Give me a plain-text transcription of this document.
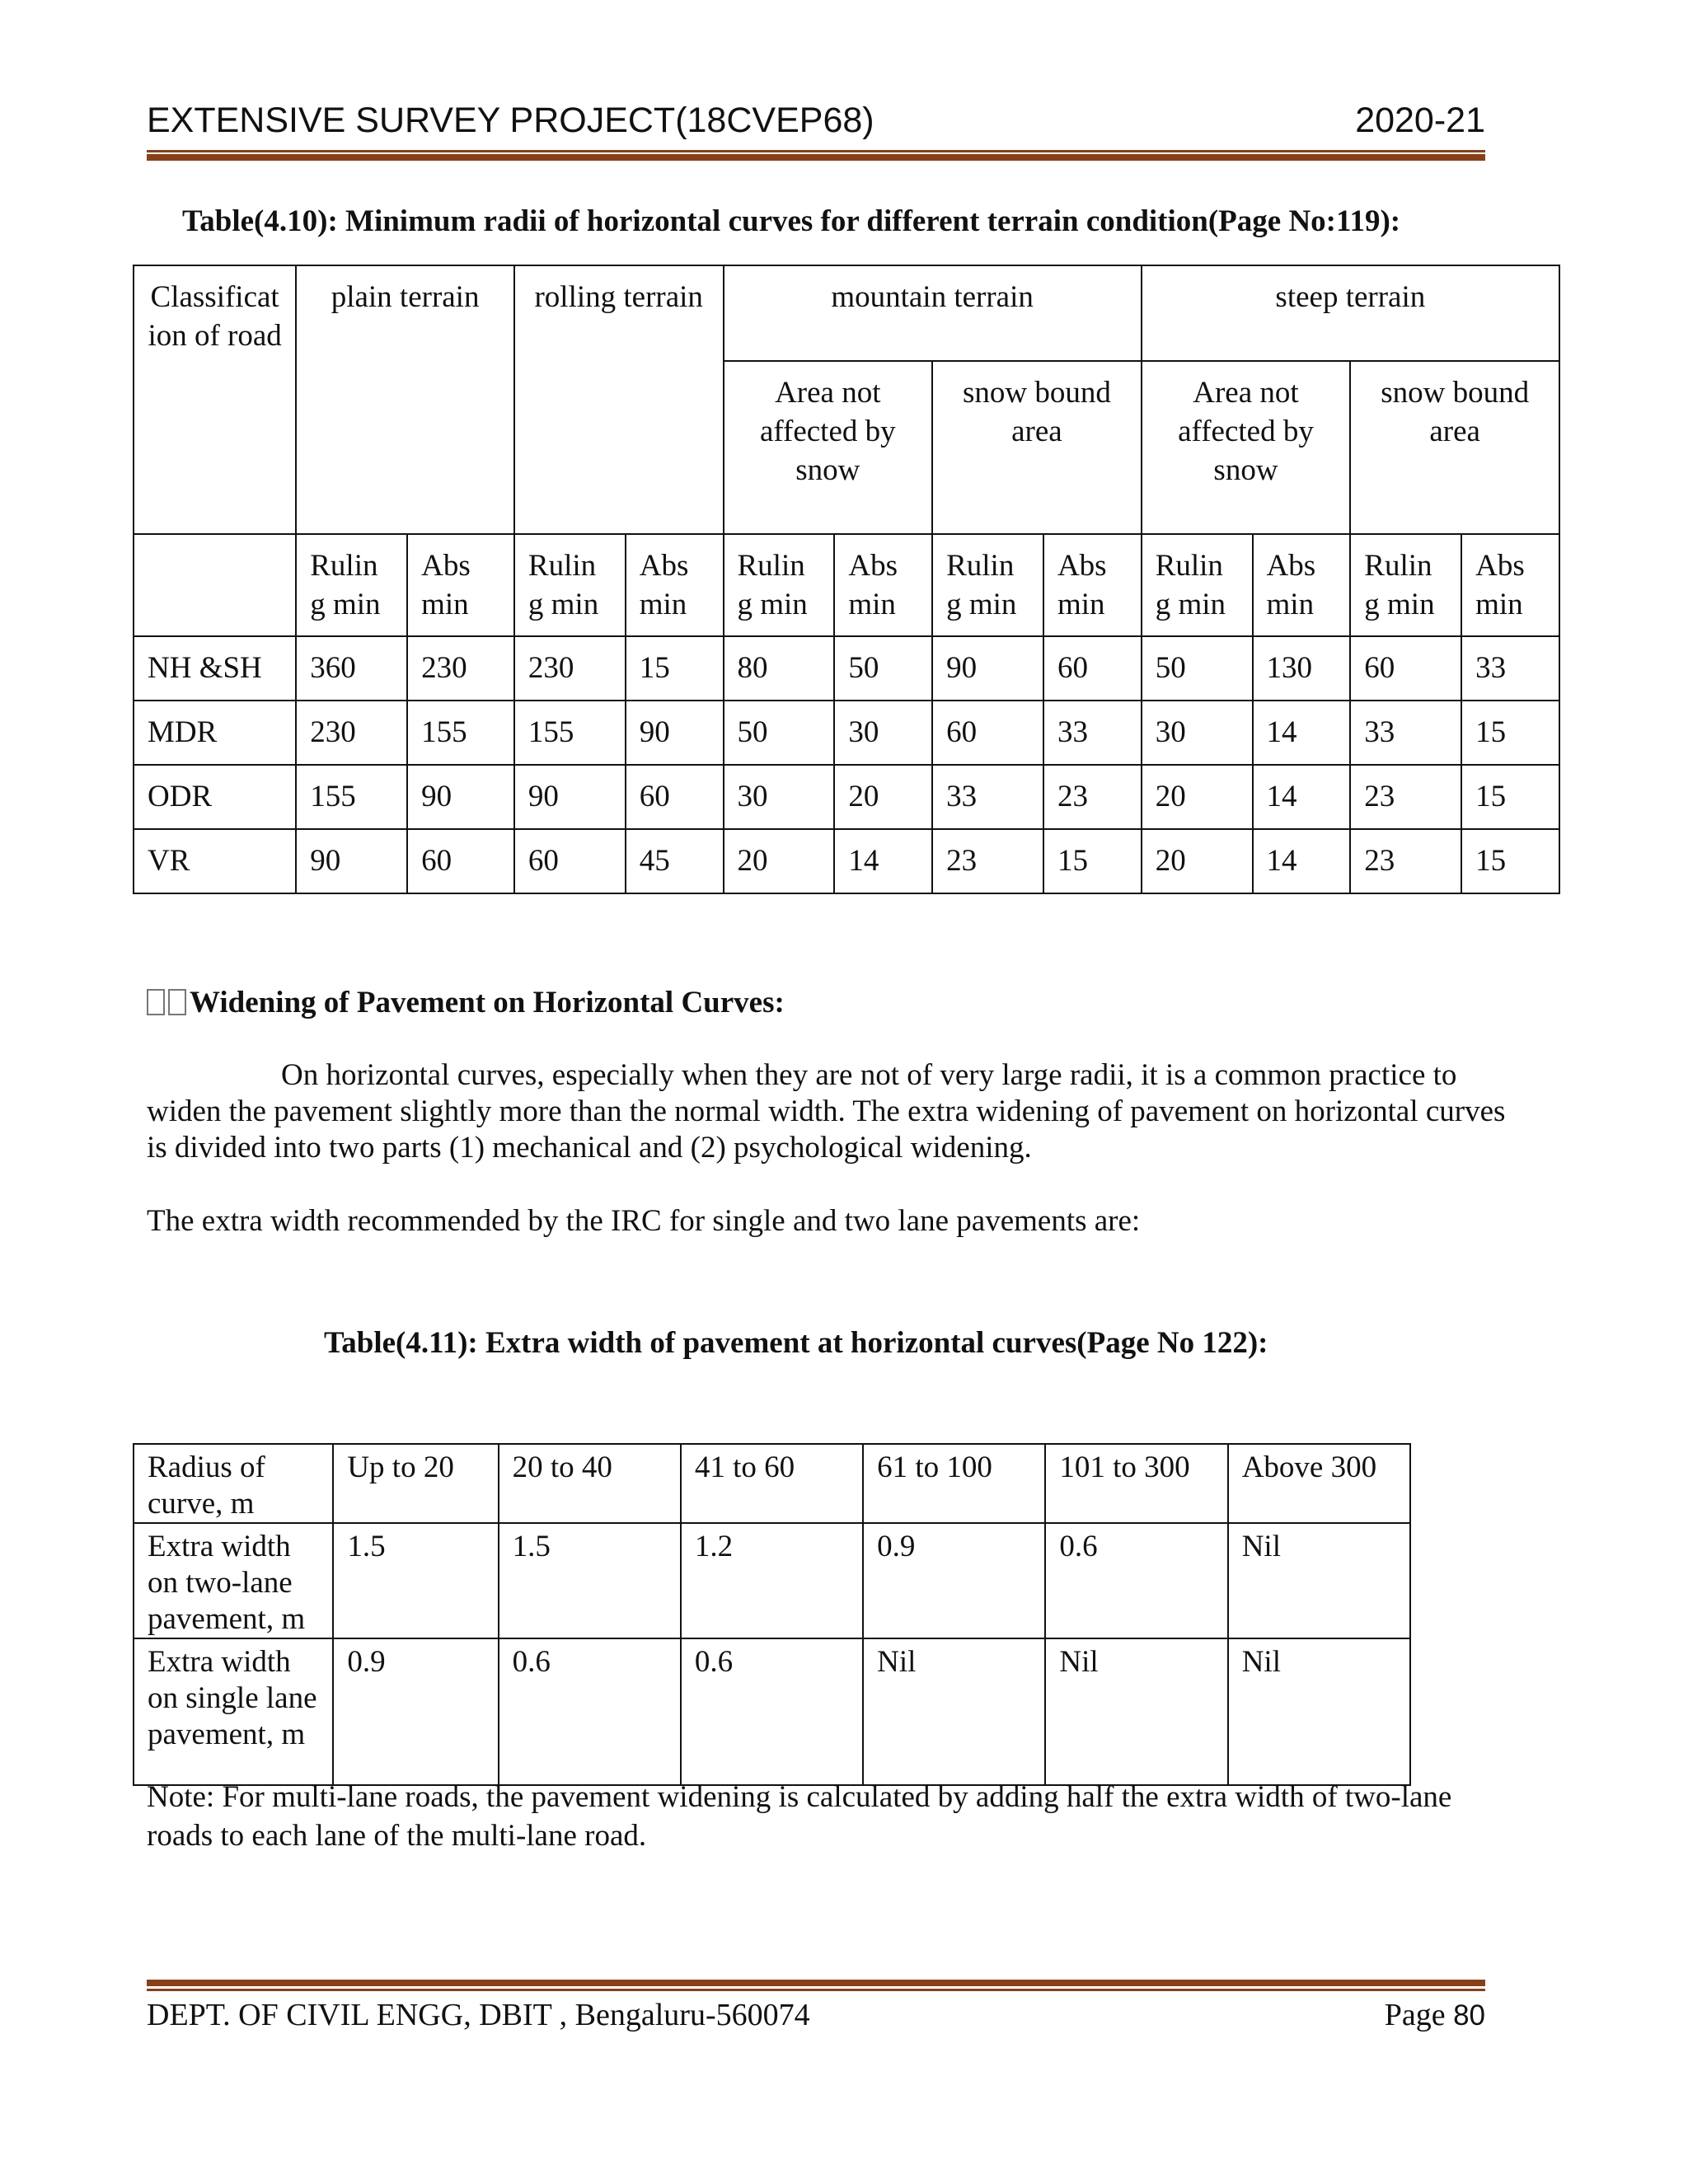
EXTENSIVE SURVEY PROJECT(18CVEP68)	2020-21
Table(4.10): Minimum radii of horizontal curves for different terrain condition(Page No:119):
Classificat ion of road	plain terrain		rolling terrain		mountain terrain				steep terrain			
					Area not affected by snow		snow bound area		Area not affected by snow		snow bound area	
	Rulin g min	Abs min	Rulin g min	Abs min	Rulin g min	Abs min	Rulin g min	Abs min	Rulin g min	Abs min	Rulin g min	Abs min
NH &SH	360	230	230	15	80	50	90	60	50	130	60	33
MDR	230	155	155	90	50	30	60	33	30	14	33	15
ODR	155	90	90	60	30	20	33	23	20	14	23	15
VR	90	60	60	45	20	14	23	15	20	14	23	15
Widening of Pavement on Horizontal Curves:
On horizontal curves, especially when they are not of very large radii, it is a common practice to widen the pavement slightly more than the normal width. The extra widening of pavement on horizontal curves is divided into two parts (1) mechanical and (2) psychological widening.
The extra width recommended by the IRC for single and two lane pavements are:
Table(4.11): Extra width of pavement at horizontal curves(Page No 122):
Radius of curve, m	Up to 20	20 to 40	41 to 60	61 to 100	101 to 300	Above 300
Extra width on two-lane pavement, m	1.5	1.5	1.2	0.9	0.6	Nil
Extra width on single lane pavement, m	0.9	0.6	0.6	Nil	Nil	Nil
Note: For multi-lane roads, the pavement widening is calculated by adding half the extra width of two-lane roads to each lane of the multi-lane road.
DEPT. OF CIVIL ENGG, DBIT , Bengaluru-560074	Page 80
